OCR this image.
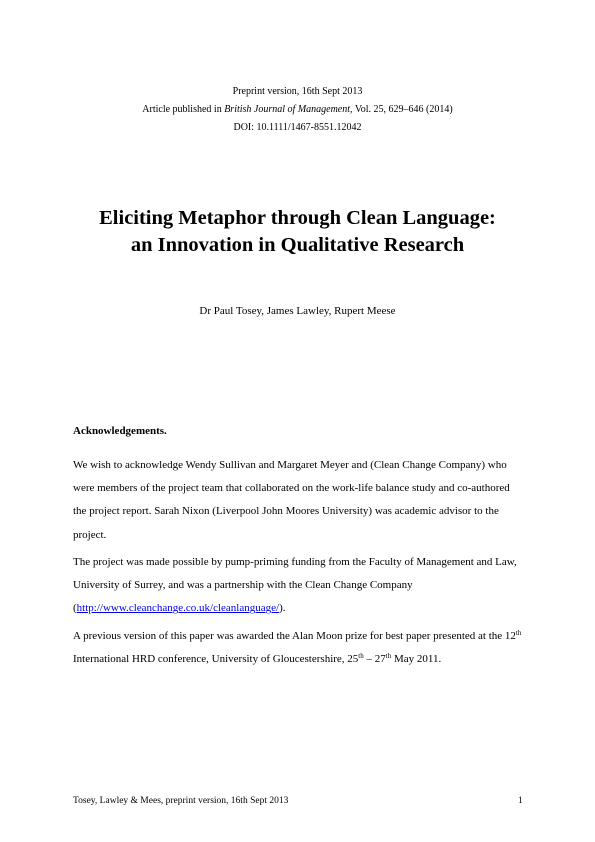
Preprint version, 16th Sept 2013
Article published in British Journal of Management, Vol. 25, 629–646 (2014)
DOI: 10.1111/1467-8551.12042
Eliciting Metaphor through Clean Language:
an Innovation in Qualitative Research
Dr Paul Tosey, James Lawley, Rupert Meese
Acknowledgements.
We wish to acknowledge Wendy Sullivan and Margaret Meyer and (Clean Change Company) who were members of the project team that collaborated on the work-life balance study and co-authored the project report. Sarah Nixon (Liverpool John Moores University) was academic advisor to the project.
The project was made possible by pump-priming funding from the Faculty of Management and Law, University of Surrey, and was a partnership with the Clean Change Company (http://www.cleanchange.co.uk/cleanlanguage/).
A previous version of this paper was awarded the Alan Moon prize for best paper presented at the 12th International HRD conference, University of Gloucestershire, 25th – 27th May 2011.
Tosey, Lawley & Mees, preprint version, 16th Sept 2013	1
